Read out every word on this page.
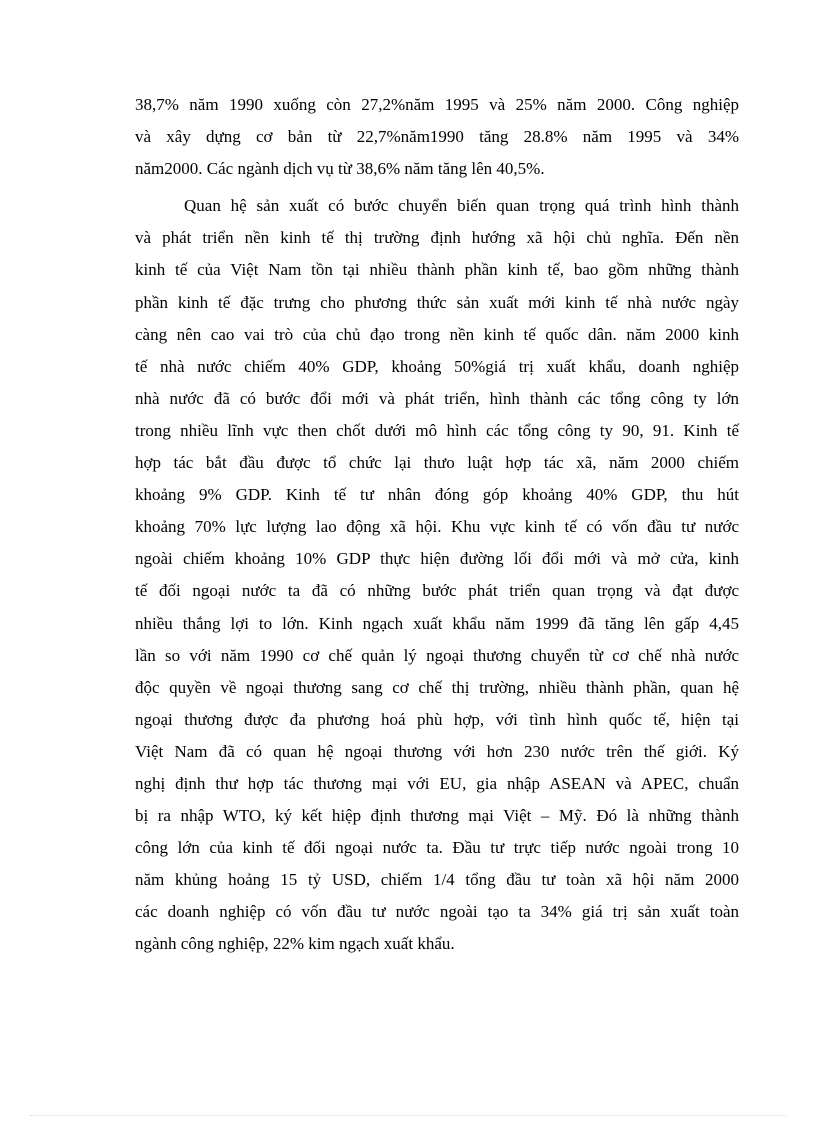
38,7% năm 1990 xuống còn 27,2%năm 1995 và 25% năm 2000. Công nghiệp
và xây dựng cơ bản từ 22,7%năm1990 tăng 28.8% năm 1995 và 34%
năm2000. Các ngành dịch vụ từ 38,6% năm tăng lên 40,5%.

Quan hệ sản xuất có bước chuyển biến quan trọng quá trình hình thành
và phát triển nền kinh tế thị trường định hướng xã hội chủ nghĩa. Đến nền
kinh tế của Việt Nam tồn tại nhiều thành phần kinh tế, bao gồm những thành
phần kinh tế đặc trưng cho phương thức sản xuất mới kinh tế nhà nước ngày
càng nên cao vai trò của chủ đạo trong nền kinh tế quốc dân. năm 2000 kinh
tế nhà nước chiếm 40% GDP, khoảng 50%giá trị xuất khẩu, doanh nghiệp
nhà nước đã có bước đổi mới và phát triển, hình thành các tổng công ty lớn
trong nhiều lĩnh vực then chốt dưới mô hình các tổng công ty 90, 91. Kinh tế
hợp tác bắt đầu được tổ chức lại thưo luật hợp tác xã, năm 2000 chiếm
khoảng 9% GDP. Kinh tế tư nhân đóng góp khoảng 40% GDP, thu hút
khoảng 70% lực lượng lao động xã hội. Khu vực kinh tế có vốn đầu tư nước
ngoài chiếm khoảng 10% GDP thực hiện đường lối đổi mới và mở cửa, kinh
tế đối ngoại nước ta đã có những bước phát triển quan trọng và đạt được
nhiều thắng lợi to lớn. Kinh ngạch xuất khẩu năm 1999 đã tăng lên gấp 4,45
lần so với năm 1990 cơ chế quản lý ngoại thương chuyển từ cơ chế nhà nước
độc quyền về ngoại thương sang cơ chế thị trường, nhiều thành phần, quan hệ
ngoại thương được đa phương hoá phù hợp, với tình hình quốc tế, hiện tại
Việt Nam đã có quan hệ ngoại thương với hơn 230 nước trên thế giới. Ký
nghị định thư hợp tác thương mại với EU, gia nhập ASEAN và APEC, chuẩn
bị ra nhập WTO, ký kết hiệp định thương mại Việt – Mỹ. Đó là những thành
công lớn của kinh tế đối ngoại nước ta. Đầu tư trực tiếp nước ngoài trong 10
năm khủng hoảng 15 tỷ USD, chiếm 1/4 tổng đầu tư toàn xã hội năm 2000
các doanh nghiệp có vốn đầu tư nước ngoài tạo ta 34% giá trị sản xuất toàn
ngành công nghiệp, 22% kim ngạch xuất khẩu.
